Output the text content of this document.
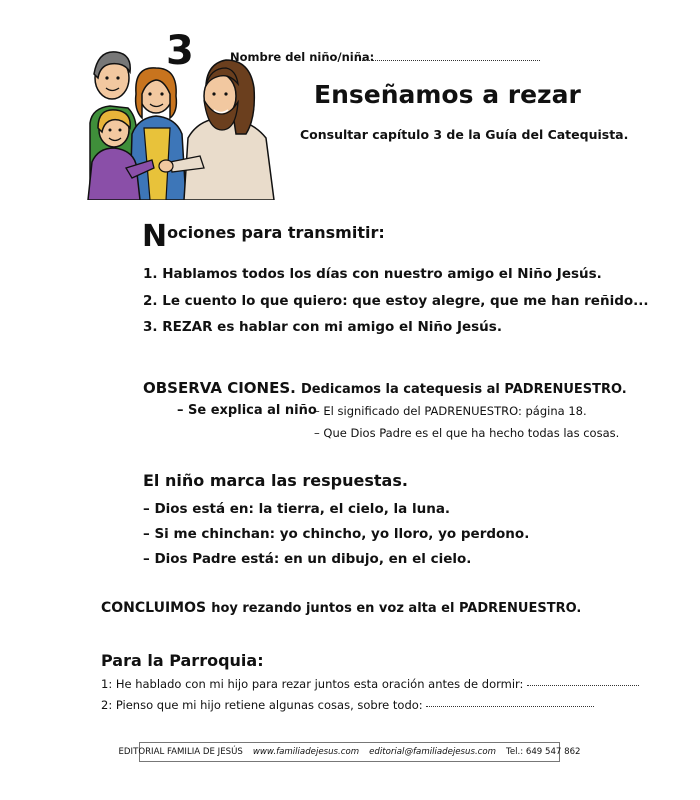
3	Nombre del niño/niña:
Enseñamos a rezar
Consultar capítulo 3 de la Guía del Catequista.
Nociones para transmitir:
1. Hablamos todos los días con nuestro amigo el Niño Jesús.
2. Le cuento lo que quiero: que estoy alegre, que me han reñido...
3. REZAR es hablar con mi amigo el Niño Jesús.
OBSERVA CIONES. Dedicamos la catequesis al PADRENUESTRO.
– Se explica al niño
– El significado del PADRENUESTRO: página 18.
– Que Dios Padre es el que ha hecho todas las cosas.
El niño marca las respuestas.
– Dios está en: la tierra, el cielo, la luna.
– Si me chinchan: yo chincho, yo lloro, yo perdono.
– Dios Padre está: en un dibujo, en el cielo.
CONCLUIMOS hoy rezando juntos en voz alta el PADRENUESTRO.
Para la Parroquia:
1: He hablado con mi hijo para rezar juntos esta oración antes de dormir:
2: Pienso que mi hijo retiene algunas cosas, sobre todo:
EDITORIAL FAMILIA DE JESÚS www.familiadejesus.com editorial@familiadejesus.com Tel.: 649 547 862
